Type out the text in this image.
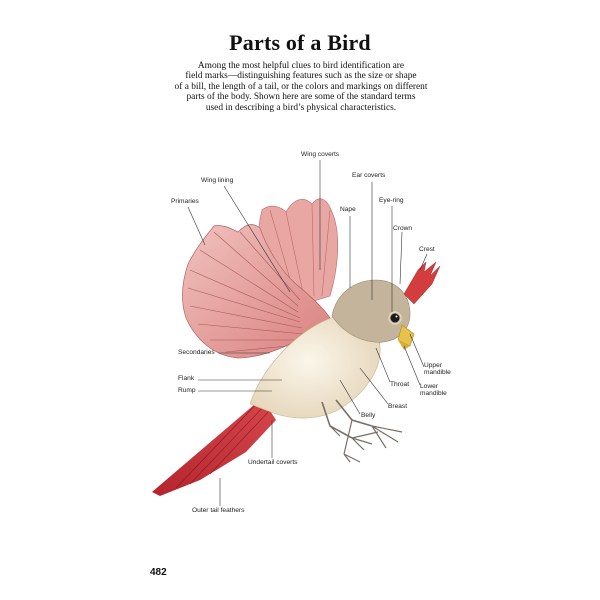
Parts of a Bird
Among the most helpful clues to bird identification are
field marks—distinguishing features such as the size or shape
of a bill, the length of a tail, or the colors and markings on different
parts of the body. Shown here are some of the standard terms
used in describing a bird’s physical characteristics.
Wing coverts
Ear coverts
Wing lining
Primaries
Nape
Eye-ring
Crown
Crest
Secondaries
Flank
Rump
Upper
mandible
Throat Lower
mandible
Breast
Belly
Undertail coverts
Outer tail feathers
482
